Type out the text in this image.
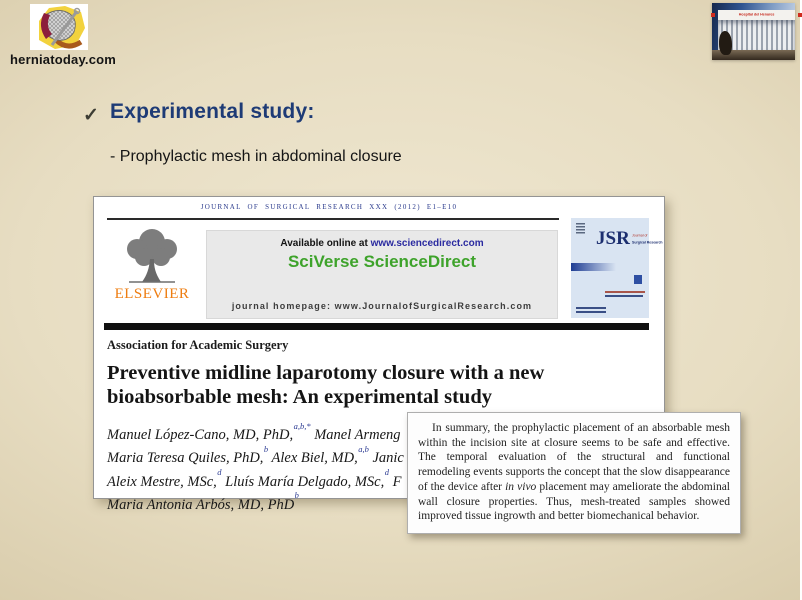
herniatoday.com
Hospital del Henares
✓ Experimental study:
- Prophylactic mesh in abdominal closure
JOURNAL OF SURGICAL RESEARCH XXX (2012) E1–E10
ELSEVIER
Available online at www.sciencedirect.com
SciVerse ScienceDirect
journal homepage: www.JournalofSurgicalResearch.com
JSR Journal of
Surgical Research
Association for Academic Surgery
Preventive midline laparotomy closure with a new
bioabsorbable mesh: An experimental study
Manuel López-Cano, MD, PhD,$^{a,b,*}$ Manel Armeng
Maria Teresa Quiles, PhD,$^b$ Alex Biel, MD,$^{a,b}$ Janic
Aleix Mestre, MSc,$^d$ Lluís María Delgado, MSc,$^d$ F
Maria Antonia Arbós, MD, PhD$^b$

In summary, the prophylactic placement of an absorbable mesh within the incision site at closure seems to be safe and effective. The temporal evaluation of the structural and functional remodeling events supports the concept that the slow disappearance of the device after in vivo placement may ameliorate the abdominal wall closure properties. Thus, mesh-treated samples showed improved tissue ingrowth and better biomechanical behavior.
